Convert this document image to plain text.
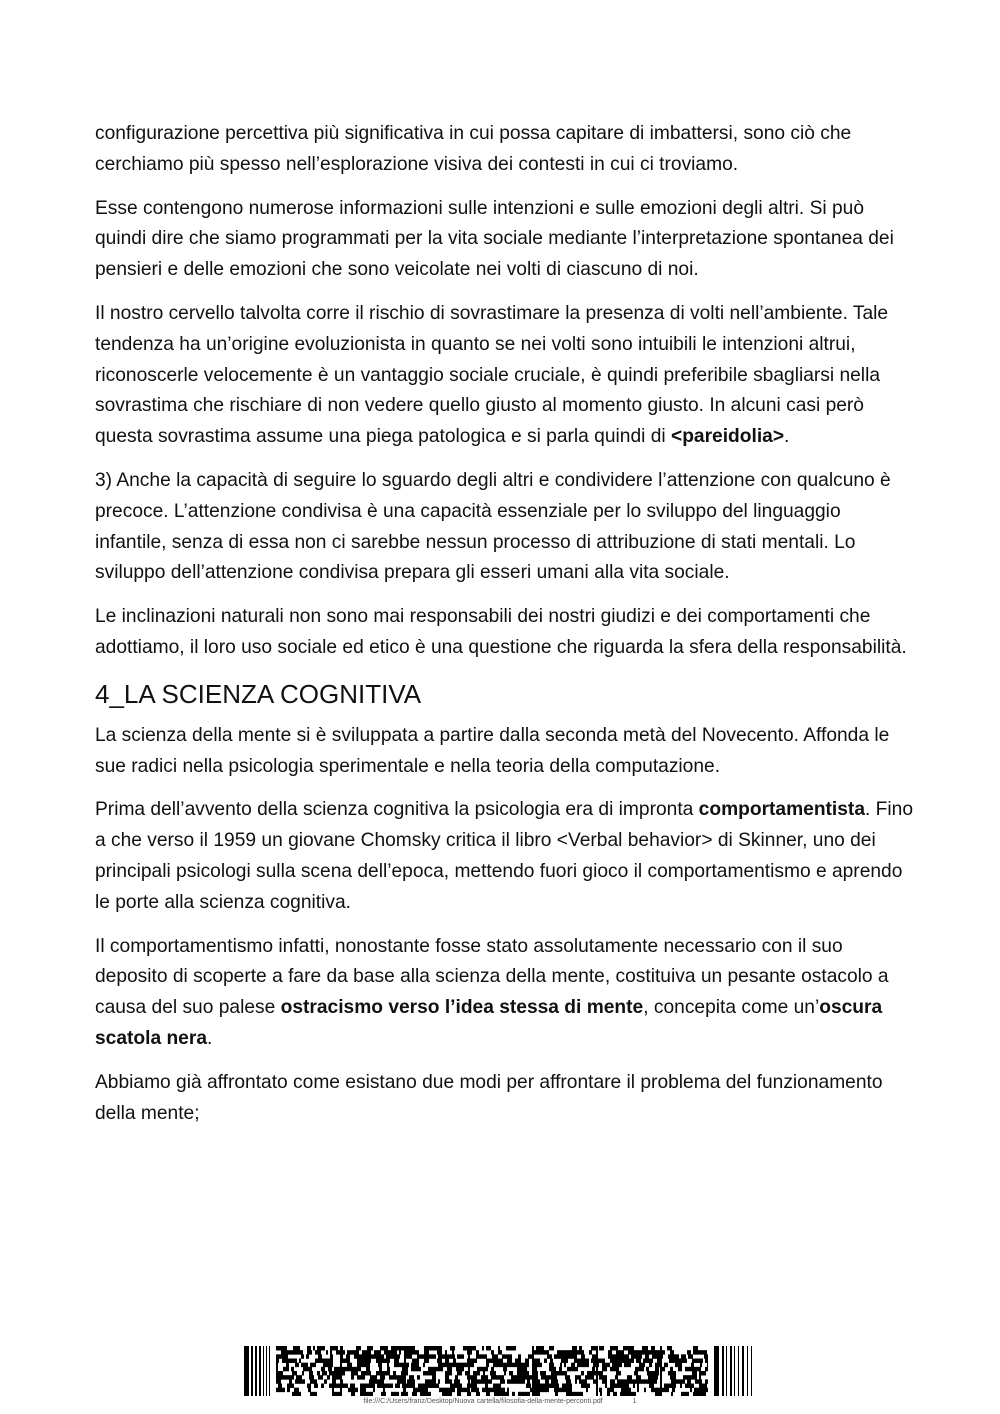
configurazione percettiva più significativa in cui possa capitare di imbattersi, sono ciò che cerchiamo più spesso nell’esplorazione visiva dei contesti in cui ci troviamo.

Esse contengono numerose informazioni sulle intenzioni e sulle emozioni degli altri. Si può quindi dire che siamo programmati per la vita sociale mediante l’interpretazione spontanea dei pensieri e delle emozioni che sono veicolate nei volti di ciascuno di noi.

Il nostro cervello talvolta corre il rischio di sovrastimare la presenza di volti nell’ambiente. Tale tendenza ha un’origine evoluzionista in quanto se nei volti sono intuibili le intenzioni altrui, riconoscerle velocemente è un vantaggio sociale cruciale, è quindi preferibile sbagliarsi nella sovrastima che rischiare di non vedere quello giusto al momento giusto. In alcuni casi però questa sovrastima assume una piega patologica e si parla quindi di <pareidolia>.

3) Anche la capacità di seguire lo sguardo degli altri e condividere l’attenzione con qualcuno è precoce. L’attenzione condivisa è una capacità essenziale per lo sviluppo del linguaggio infantile, senza di essa non ci sarebbe nessun processo di attribuzione di stati mentali. Lo sviluppo dell’attenzione condivisa prepara gli esseri umani alla vita sociale.

Le inclinazioni naturali non sono mai responsabili dei nostri giudizi e dei comportamenti che adottiamo, il loro uso sociale ed etico è una questione che riguarda la sfera della responsabilità.

4_LA SCIENZA COGNITIVA

La scienza della mente si è sviluppata a partire dalla seconda metà del Novecento. Affonda le sue radici nella psicologia sperimentale e nella teoria della computazione.

Prima dell’avvento della scienza cognitiva la psicologia era di impronta comportamentista. Fino a che verso il 1959 un giovane Chomsky critica il libro <Verbal behavior> di Skinner, uno dei principali psicologi sulla scena dell’epoca, mettendo fuori gioco il comportamentismo e aprendo le porte alla scienza cognitiva.

Il comportamentismo infatti, nonostante fosse stato assolutamente necessario con il suo deposito di scoperte a fare da base alla scienza della mente, costituiva un pesante ostacolo a causa del suo palese ostracismo verso l’idea stessa di mente, concepita come un’oscura scatola nera.

Abbiamo già affrontato come esistano due modi per affrontare il problema del funzionamento della mente;

file:///C:/Users/franz/Desktop/Nuova cartella/filosofia-della-mente-perconti.pdf	1
